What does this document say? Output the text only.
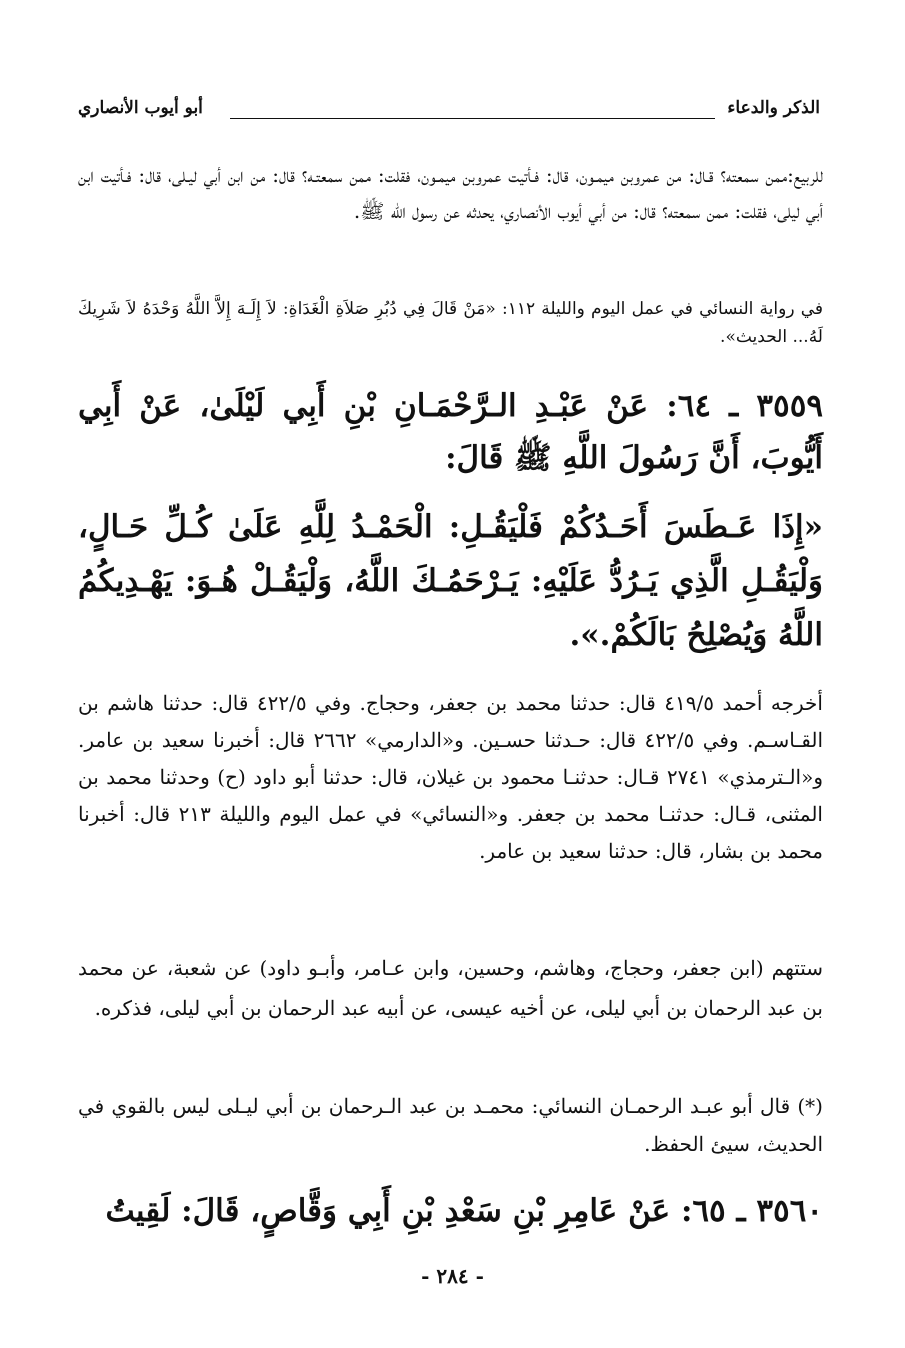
الذكر والدعاء
أبو أيوب الأنصاري

للربيع:ممن سمعته؟ قـال: من عمروبن ميمـون، قال: فـأتيت عمروبن ميمـون، فقلت: ممن سمعتـه؟ قال: من ابن أبي ليـلى، قال: فـأتيت ابن أبي ليلى، فقلت: ممن سمعته؟ قال: من أبي أيوب الأنصاري، يحدثه عن رسول الله ﷺ.

في رواية النسائي في عمل اليوم والليلة ١١٢: «مَنْ قَالَ فِي دُبُرِ صَلاَةِ الْغَدَاةِ: لاَ إِلَـهَ إِلاَّ اللَّهُ وَحْدَهُ لاَ شَرِيكَ لَهُ... الحديث».

٣٥٥٩ ـ ٦٤: عَنْ عَبْـدِ الـرَّحْمَـانِ بْنِ أَبِي لَيْلَىٰ، عَنْ أَبِي أَيُّوبَ، أَنَّ رَسُولَ اللَّهِ ﷺ قَالَ:

«إِذَا عَـطَسَ أَحَـدُكُمْ فَلْيَقُـلِ: الْحَمْـدُ لِلَّهِ عَلَىٰ كُـلِّ حَـالٍ، وَلْيَقُـلِ الَّذِي يَـرُدُّ عَلَيْهِ: يَـرْحَمُـكَ اللَّهُ، وَلْيَقُـلْ هُـوَ: يَهْـدِيكُمُ اللَّهُ وَيُصْلِحُ بَالَكُمْ.».

أخرجه أحمد ٤١٩/٥ قال: حدثنا محمد بن جعفر، وحجاج. وفي ٤٢٢/٥ قال: حدثنا هاشم بن القـاسـم. وفي ٤٢٢/٥ قال: حـدثنا حسـين. و«الدارمي» ٢٦٦٢ قال: أخبرنا سعيد بن عامر. و«الـترمذي» ٢٧٤١ قـال: حدثنـا محمود بن غيلان، قال: حدثنا أبو داود (ح) وحدثنا محمد بن المثنى، قـال: حدثنـا محمد بن جعفر. و«النسائي» في عمل اليوم والليلة ٢١٣ قال: أخبرنا محمد بن بشار، قال: حدثنا سعيد بن عامر.

ستتهم (ابن جعفر، وحجاج، وهاشم، وحسين، وابن عـامر، وأبـو داود) عن شعبة، عن محمد بن عبد الرحمان بن أبي ليلى، عن أخيه عيسى، عن أبيه عبد الرحمان بن أبي ليلى، فذكره.

(*) قال أبو عبـد الرحمـان النسائي: محمـد بن عبد الـرحمان بن أبي ليـلى ليس بالقوي في الحديث، سيئ الحفظ.

٣٥٦٠ ـ ٦٥: عَنْ عَامِرِ بْنِ سَعْدِ بْنِ أَبِي وَقَّاصٍ، قَالَ: لَقِيتُ

- ٢٨٤ -
